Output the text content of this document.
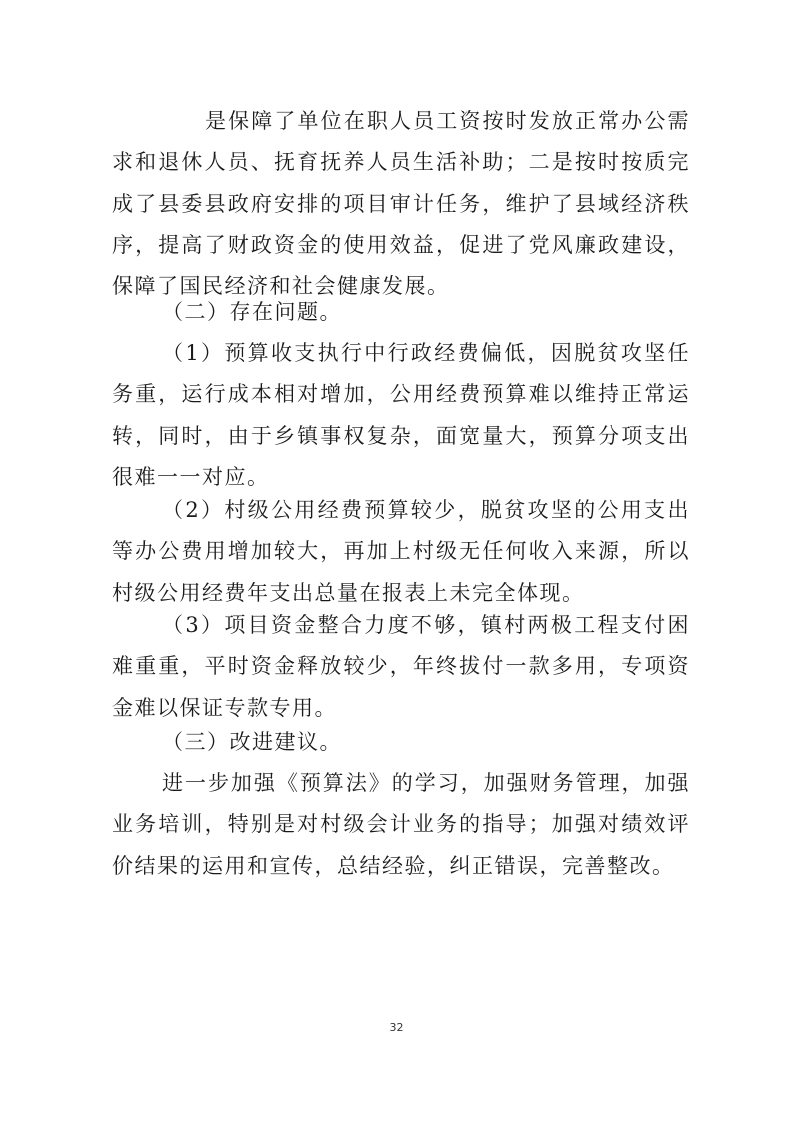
是保障了单位在职人员工资按时发放正常办公需求和退休人员、抚育抚养人员生活补助；二是按时按质完成了县委县政府安排的项目审计任务，维护了县域经济秩序，提高了财政资金的使用效益，促进了党风廉政建设，保障了国民经济和社会健康发展。

（二）存在问题。

（1）预算收支执行中行政经费偏低，因脱贫攻坚任务重，运行成本相对增加，公用经费预算难以维持正常运转，同时，由于乡镇事权复杂，面宽量大，预算分项支出很难一一对应。

（2）村级公用经费预算较少，脱贫攻坚的公用支出等办公费用增加较大，再加上村级无任何收入来源，所以村级公用经费年支出总量在报表上未完全体现。

（3）项目资金整合力度不够，镇村两极工程支付困难重重，平时资金释放较少，年终拔付一款多用，专项资金难以保证专款专用。

（三）改进建议。

进一步加强《预算法》的学习，加强财务管理，加强业务培训，特别是对村级会计业务的指导；加强对绩效评价结果的运用和宣传，总结经验，纠正错误，完善整改。

32
